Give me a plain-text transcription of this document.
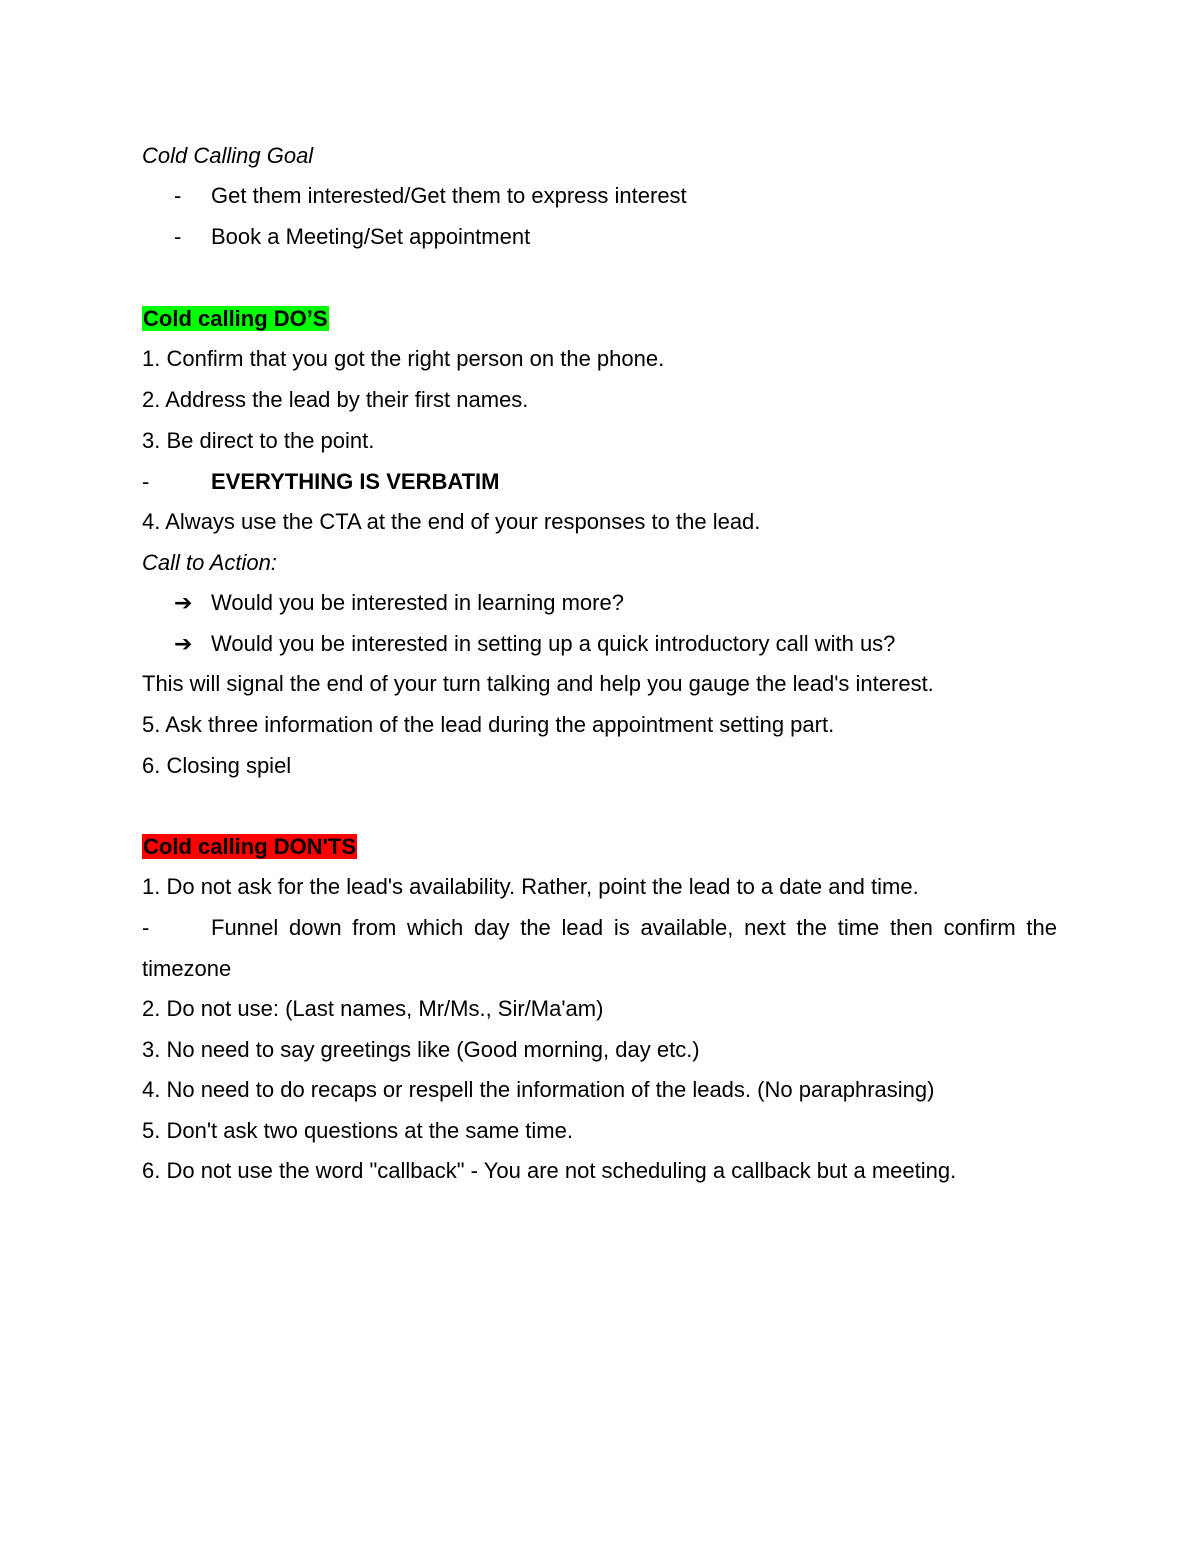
Cold Calling Goal

- Get them interested/Get them to express interest

- Book a Meeting/Set appointment

Cold calling DO’S

1. Confirm that you got the right person on the phone.

2. Address the lead by their first names.

3. Be direct to the point.

-	EVERYTHING IS VERBATIM

4. Always use the CTA at the end of your responses to the lead.

Call to Action:

➔ Would you be interested in learning more?

➔ Would you be interested in setting up a quick introductory call with us?

This will signal the end of your turn talking and help you gauge the lead's interest.

5. Ask three information of the lead during the appointment setting part.

6. Closing spiel

Cold calling DON'TS

1. Do not ask for the lead's availability. Rather, point the lead to a date and time.

-	Funnel down from which day the lead is available, next the time then confirm the

timezone

2. Do not use: (Last names, Mr/Ms., Sir/Ma'am)

3. No need to say greetings like (Good morning, day etc.)

4. No need to do recaps or respell the information of the leads. (No paraphrasing)

5. Don't ask two questions at the same time.

6. Do not use the word "callback" - You are not scheduling a callback but a meeting.
